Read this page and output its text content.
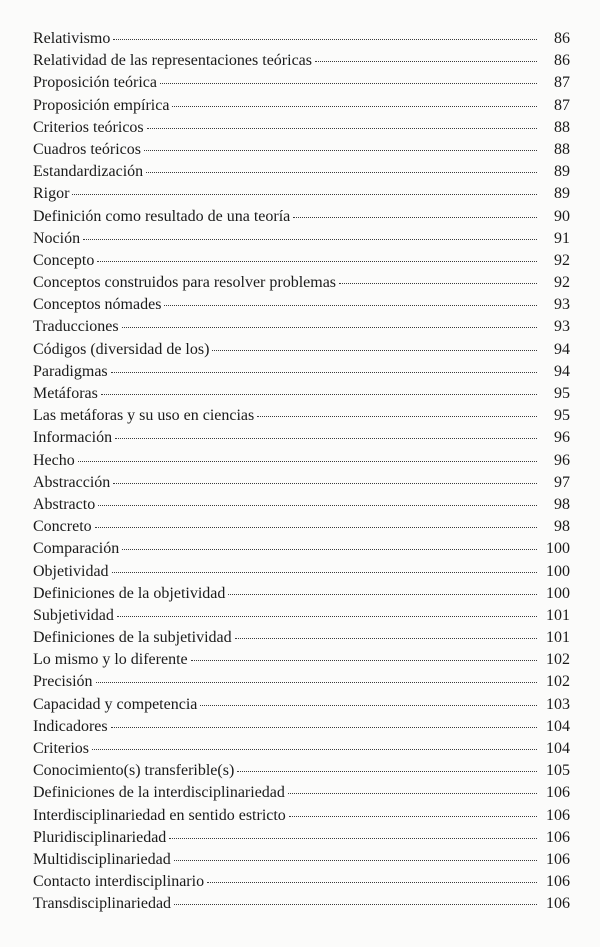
Relativismo	86
Relatividad de las representaciones teóricas	86
Proposición teórica	87
Proposición empírica	87
Criterios teóricos	88
Cuadros teóricos	88
Estandardización	89
Rigor	89
Definición como resultado de una teoría	90
Noción	91
Concepto	92
Conceptos construidos para resolver problemas	92
Conceptos nómades	93
Traducciones	93
Códigos (diversidad de los)	94
Paradigmas	94
Metáforas	95
Las metáforas y su uso en ciencias	95
Información	96
Hecho	96
Abstracción	97
Abstracto	98
Concreto	98
Comparación	100
Objetividad	100
Definiciones de la objetividad	100
Subjetividad	101
Definiciones de la subjetividad	101
Lo mismo y lo diferente	102
Precisión	102
Capacidad y competencia	103
Indicadores	104
Criterios	104
Conocimiento(s) transferible(s)	105
Definiciones de la interdisciplinariedad	106
Interdisciplinariedad en sentido estricto	106
Pluridisciplinariedad	106
Multidisciplinariedad	106
Contacto interdisciplinario	106
Transdisciplinariedad	106
